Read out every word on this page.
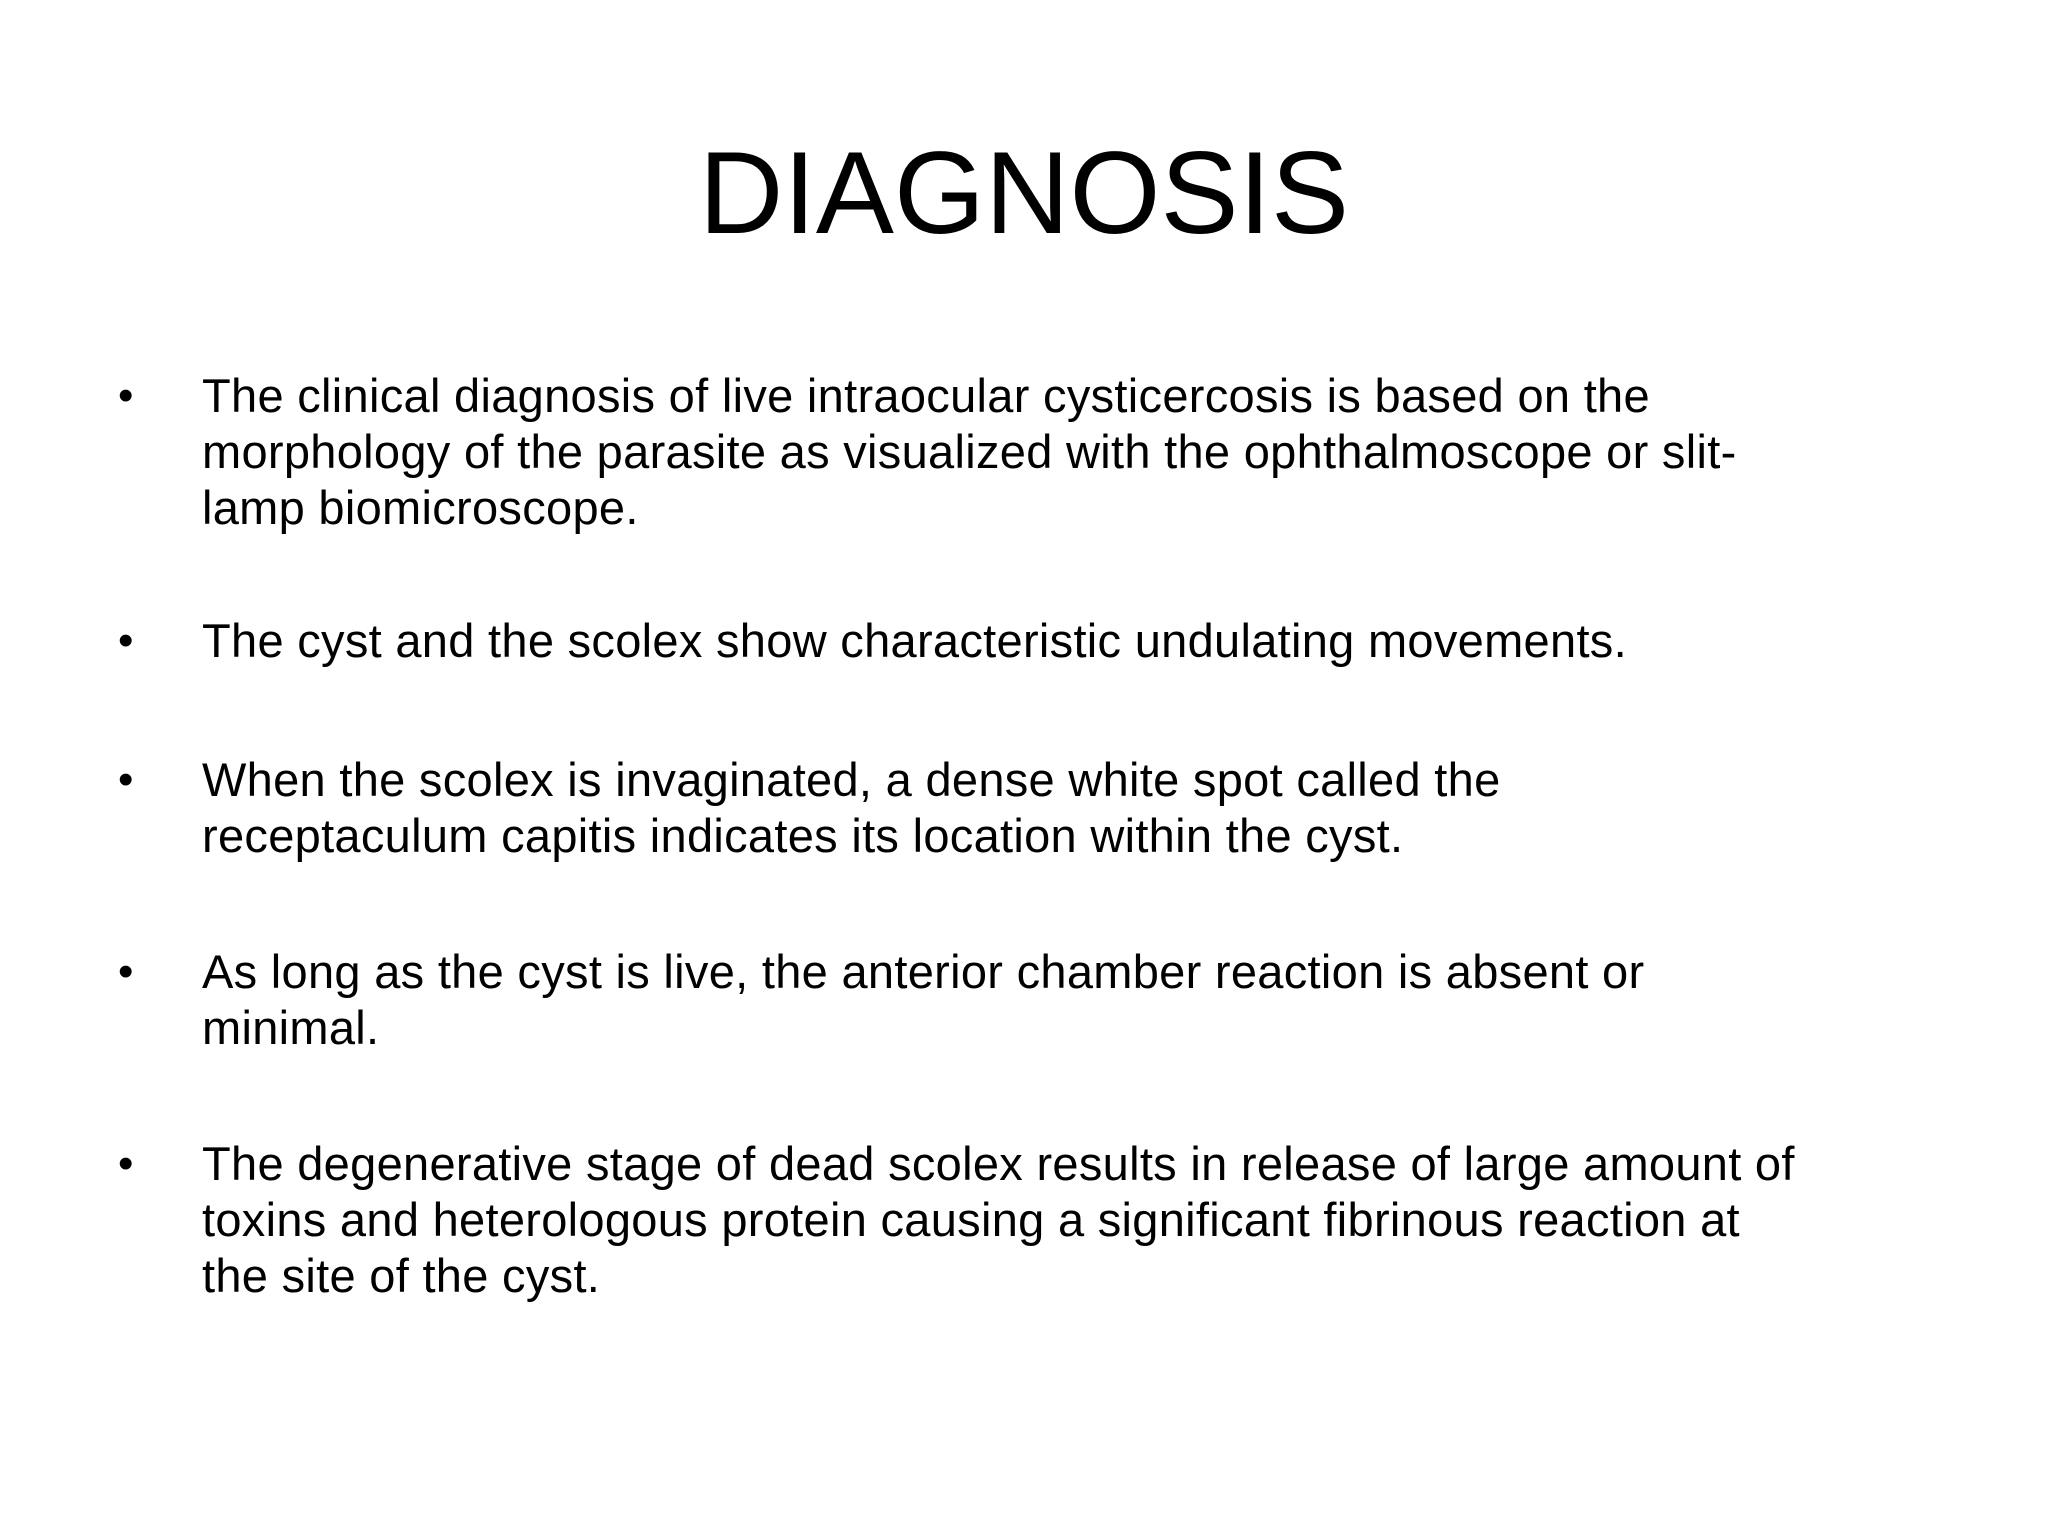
DIAGNOSIS
• The clinical diagnosis of live intraocular cysticercosis is based on the
morphology of the parasite as visualized with the ophthalmoscope or slit-
lamp biomicroscope.
• The cyst and the scolex show characteristic undulating movements.
• When the scolex is invaginated, a dense white spot called the
receptaculum capitis indicates its location within the cyst.
• As long as the cyst is live, the anterior chamber reaction is absent or
minimal.
• The degenerative stage of dead scolex results in release of large amount of
toxins and heterologous protein causing a significant fibrinous reaction at
the site of the cyst.
